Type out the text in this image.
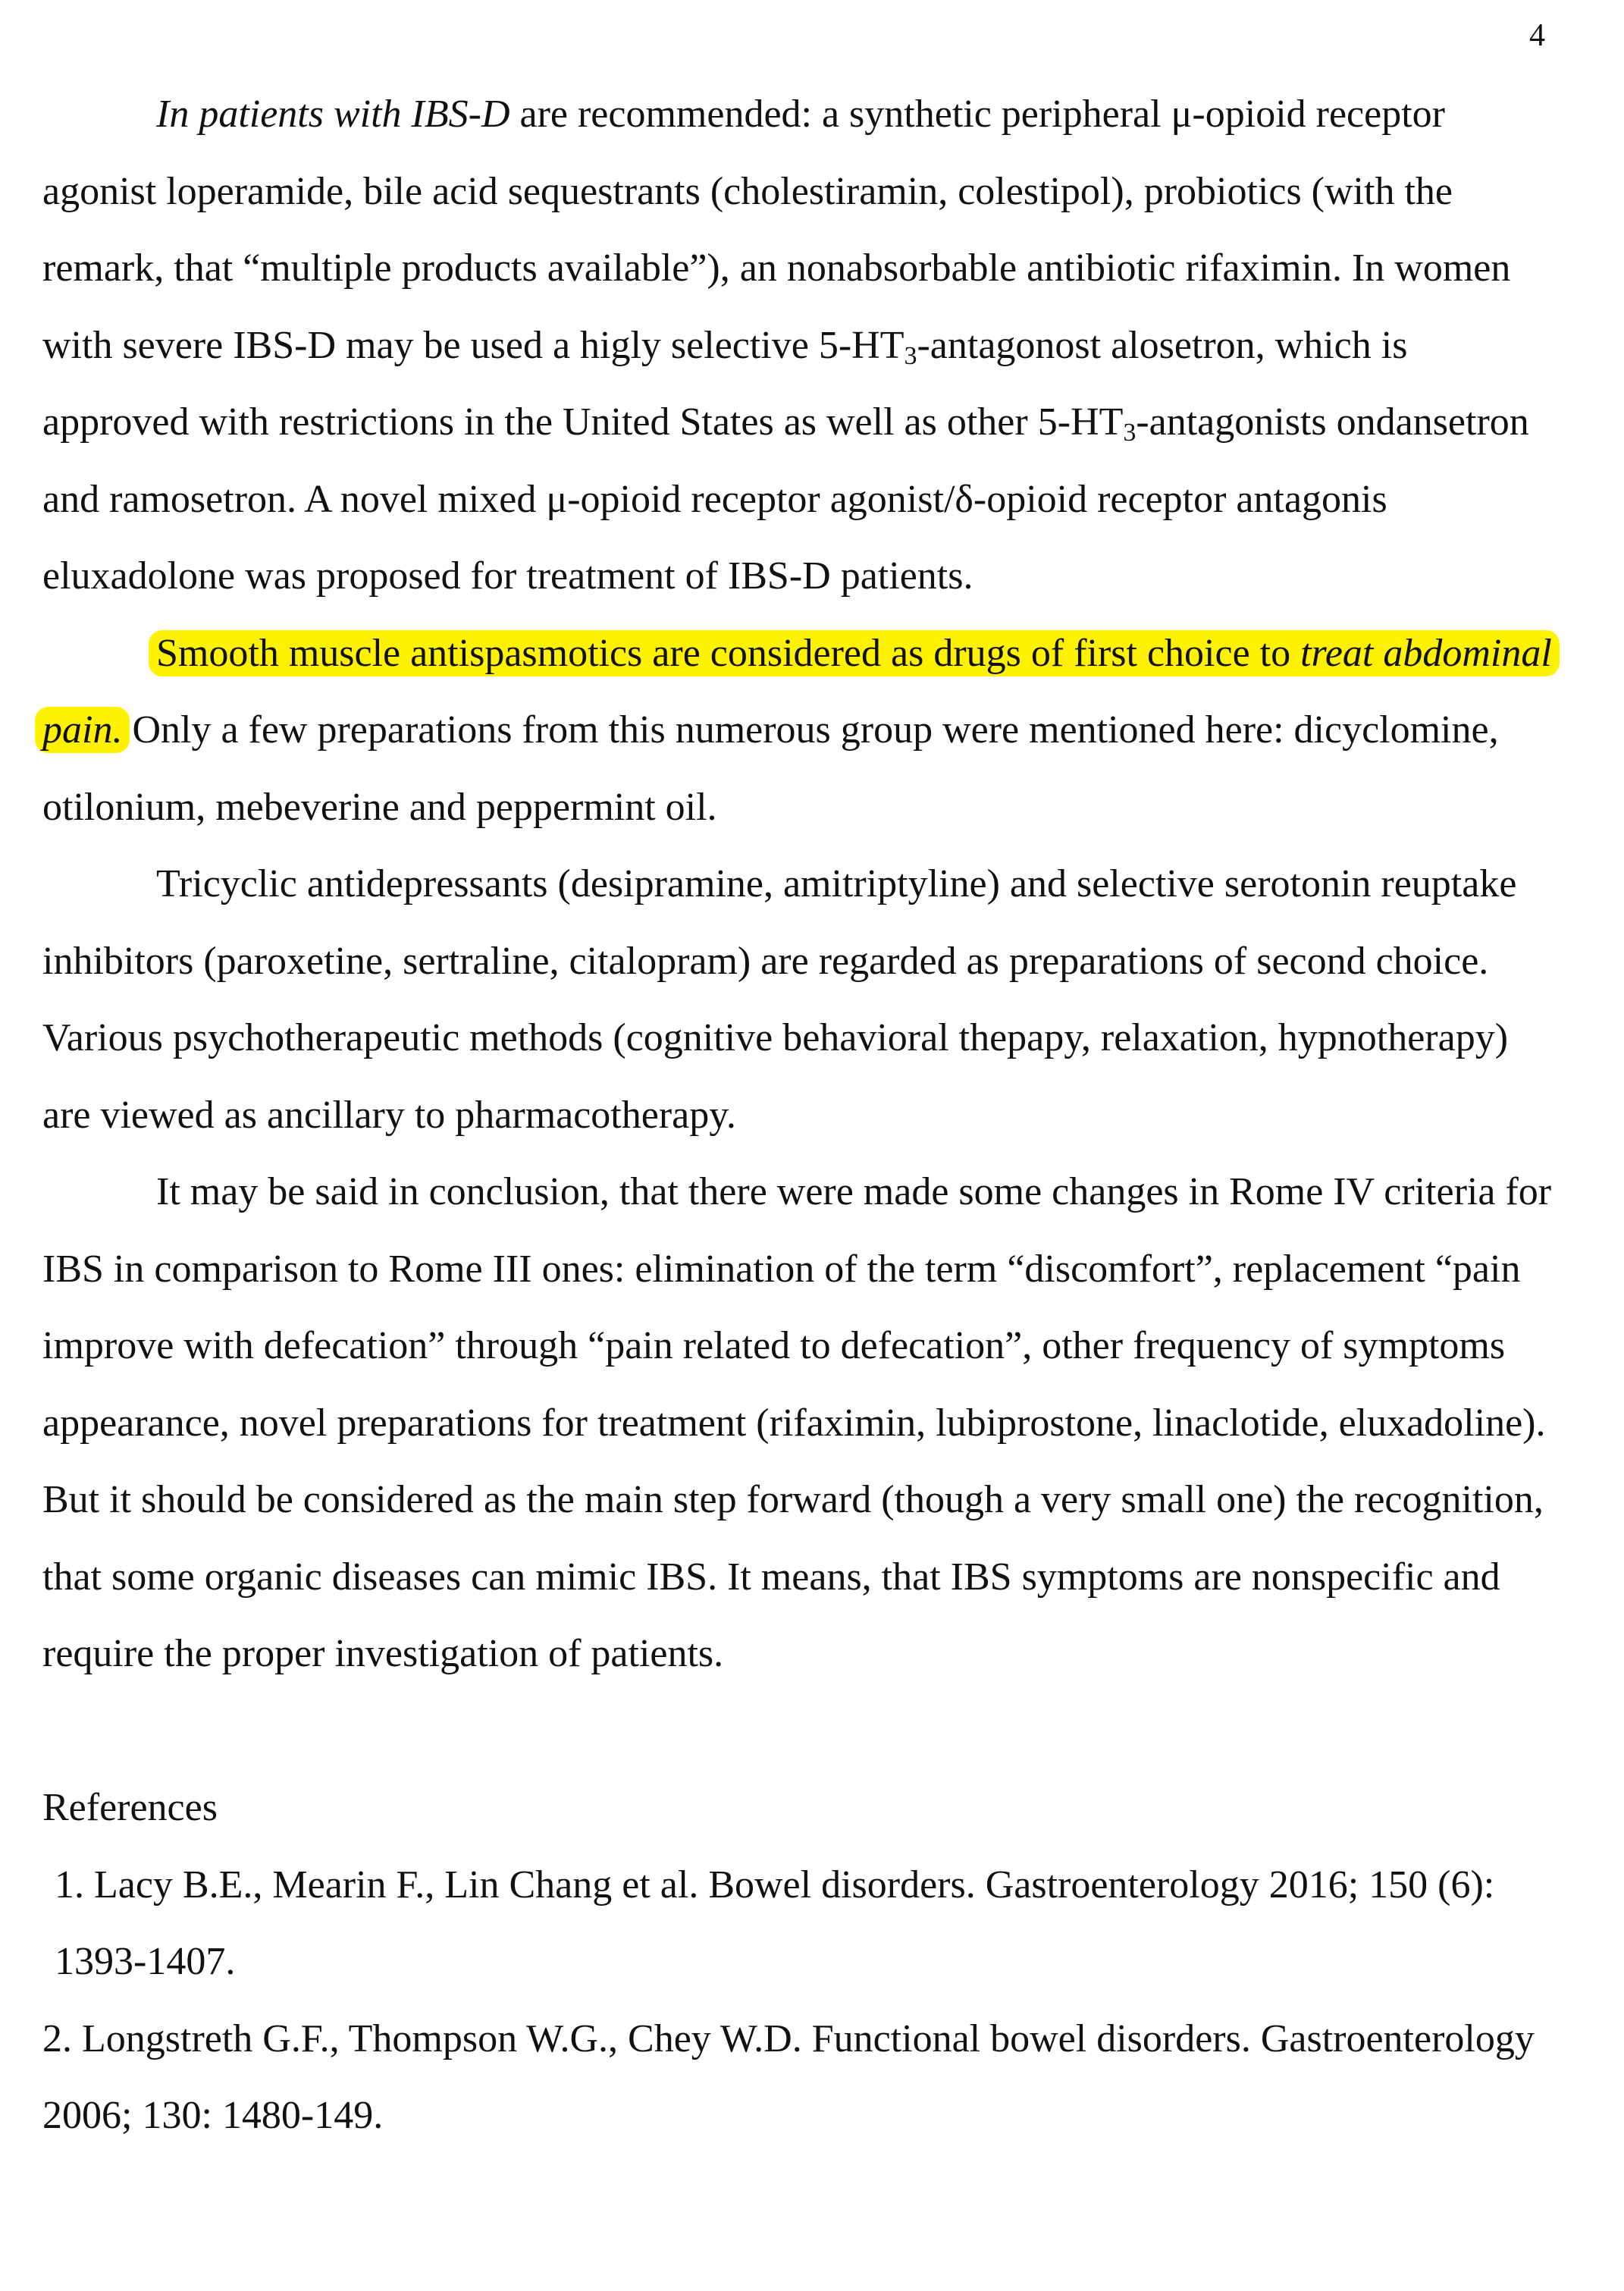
4

In patients with IBS-D are recommended: a synthetic peripheral μ-opioid receptor agonist loperamide, bile acid sequestrants (cholestiramin, colestipol), probiotics (with the remark, that “multiple products available”), an nonabsorbable antibiotic rifaximin. In women with severe IBS-D may be used a higly selective $5-HT_3$-antagonost alosetron, which is approved with restrictions in the United States as well as other $5-HT_3$-antagonists ondansetron and ramosetron. A novel mixed μ-opioid receptor agonist/δ-opioid receptor antagonis eluxadolone was proposed for treatment of IBS-D patients.

Smooth muscle antispasmotics are considered as drugs of first choice to treat abdominal pain. Only a few preparations from this numerous group were mentioned here: dicyclomine, otilonium, mebeverine and peppermint oil.

Tricyclic antidepressants (desipramine, amitriptyline) and selective serotonin reuptake inhibitors (paroxetine, sertraline, citalopram) are regarded as preparations of second choice. Various psychotherapeutic methods (cognitive behavioral thepapy, relaxation, hypnotherapy) are viewed as ancillary to pharmacotherapy.

It may be said in conclusion, that there were made some changes in Rome IV criteria for IBS in comparison to Rome III ones: elimination of the term “discomfort”, replacement “pain improve with defecation” through “pain related to defecation”, other frequency of symptoms appearance, novel preparations for treatment (rifaximin, lubiprostone, linaclotide, eluxadoline). But it should be considered as the main step forward (though a very small one) the recognition, that some organic diseases can mimic IBS. It means, that IBS symptoms are nonspecific and require the proper investigation of patients.

References

1. Lacy B.E., Mearin F., Lin Chang et al. Bowel disorders. Gastroenterology 2016; 150 (6): 1393-1407.

2. Longstreth G.F., Thompson W.G., Chey W.D. Functional bowel disorders. Gastroenterology 2006; 130: 1480-149.
